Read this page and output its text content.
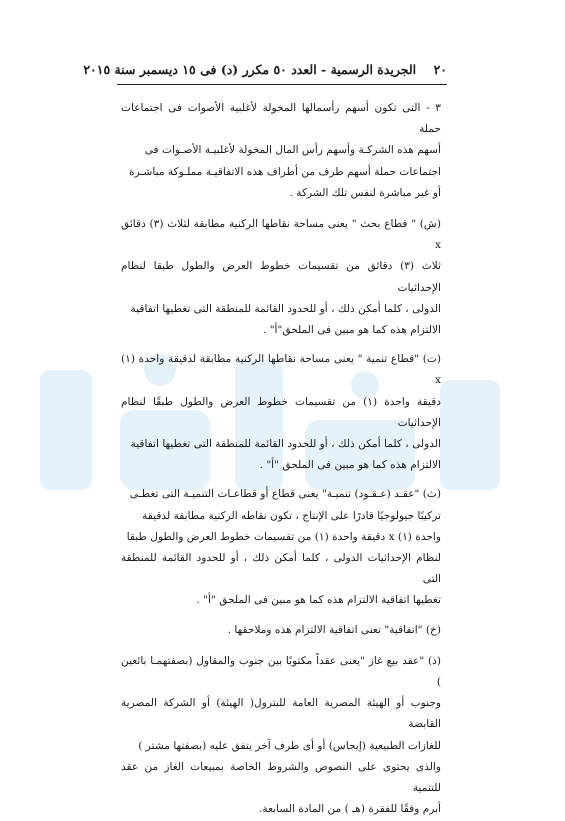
٢٠    الجريدة الرسمية - العدد ٥٠ مكرر (د) فى ١٥ ديسمبر سنة ٢٠١٥
٣ - التى تكون أسهم رأسمالها المخولة لأغلبية الأصوات فى اجتماعات حملة
أسهم هذه الشركـة وأسهم رأس المال المخولة لأغلبيـة الأصـوات فى
اجتماعات حملة أسهم طرف من أطراف هذه الاتفاقيـة مملـوكة مباشـرة
أو غير مباشرة لنفس تلك الشركة .
(ش) " قطاع بحث " يعنى مساحة نقاطها الركنية مطابقة لثلاث (٣) دقائق x
ثلاث (٣) دقائق من تقسيمات خطوط العرض والطول طبقا لنظام الإحداثيات
الدولى ، كلما أمكن ذلك ، أو للحدود القائمة للمنطقة التى تغطيها اتفاقية
الالتزام هذه كما هو مبين فى الملحق"أ" .
(ت) "قطاع تنمية " يعنى مساحة نقاطها الركنية مطابقة لدقيقة واحدة (١) x
دقيقة واحدة (١) من تقسيمات خطوط العرض والطول طبقًا لنظام الإحداثيات
الدولى ، كلما أمكن ذلك ، أو للحدود القائمة للمنطقة التى تغطيها اتفاقية
الالتزام هذه كما هو مبين فى الملحق "أ" .
(ث) "عقـد (عـقـود) تنميـة" يعنى قطاع أو قطاعـات التنميـة التى تغطـى
تركيبًا جيولوجيًا قادرًا على الإنتاج ، تكون نقاطه الركنية مطابقة لدقيقة
واحدة (١) x دقيقة واحدة (١) من تقسيمات خطوط العرض والطول طبقا
لنظام الإحداثيات الدولى ، كلما أمكن ذلك ، أو للحدود القائمة للمنطقة التى
تغطيها اتفاقية الالتزام هذه كما هو مبين فى الملحق "أ" .
(خ) "اتفاقية" تعنى اتفاقية الالتزام هذه وملاحقها .
(ذ) "عقد بيع غاز "يعنى عقداً مكتوبًا بين جنوب والمقاول (بصفتهمـا بائعين )
وجنوب أو الهيئة المصرية العامة للبترول( الهيئة) أو الشركة المصرية القابضة
للغازات الطبيعية (إيجاس) أو أى طرف آخر يتفق عليه (بصفتها مشتر )
والذى يحتوى على النصوص والشروط الخاصة بمبيعات الغاز من عقد للتنمية
أبرم وفقًا للفقرة (هـ ) من المادة السابعة.
